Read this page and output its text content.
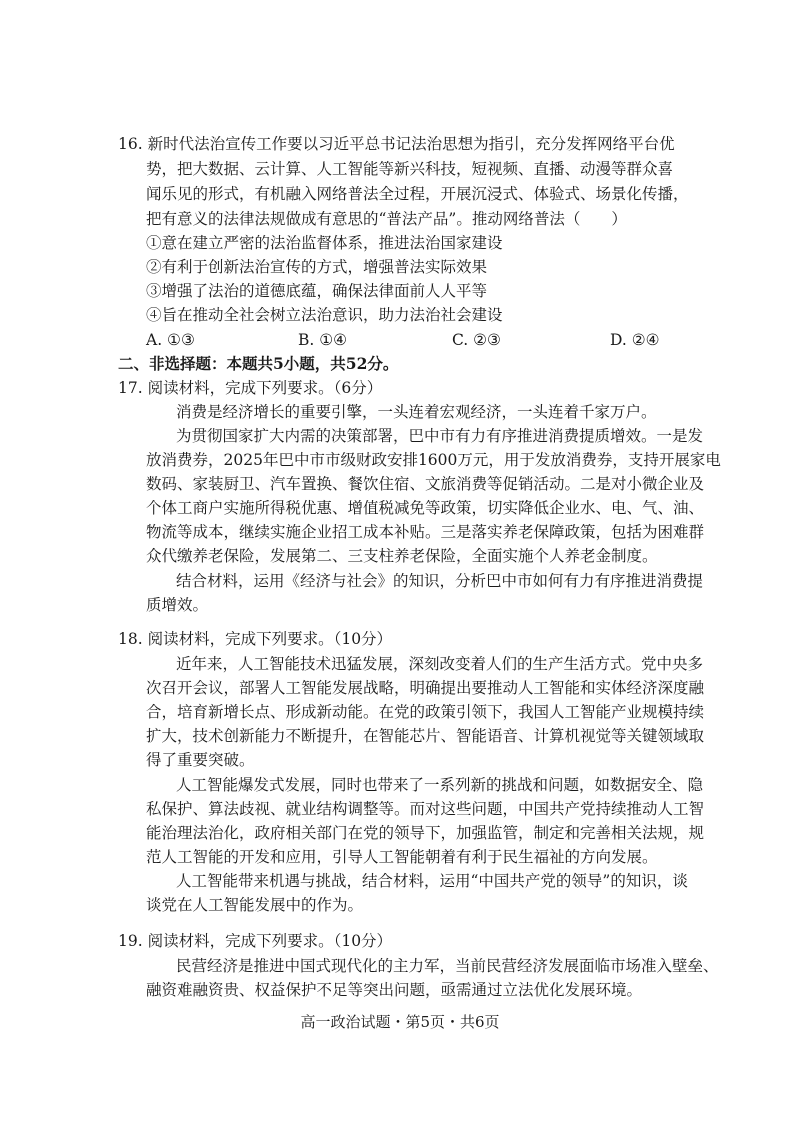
16. 新时代法治宣传工作要以习近平总书记法治思想为指引，充分发挥网络平台优
势，把大数据、云计算、人工智能等新兴科技，短视频、直播、动漫等群众喜
闻乐见的形式，有机融入网络普法全过程，开展沉浸式、体验式、场景化传播，
把有意义的法律法规做成有意思的“普法产品”。推动网络普法（　　）
①意在建立严密的法治监督体系，推进法治国家建设
②有利于创新法治宣传的方式，增强普法实际效果
③增强了法治的道德底蕴，确保法律面前人人平等
④旨在推动全社会树立法治意识，助力法治社会建设
A. ①③	B. ①④	C. ②③	D. ②④
二、非选择题：本题共5小题，共52分。
17. 阅读材料，完成下列要求。（6分）
消费是经济增长的重要引擎，一头连着宏观经济，一头连着千家万户。
为贯彻国家扩大内需的决策部署，巴中市有力有序推进消费提质增效。一是发
放消费券，2025年巴中市市级财政安排1600万元，用于发放消费券，支持开展家电
数码、家装厨卫、汽车置换、餐饮住宿、文旅消费等促销活动。二是对小微企业及
个体工商户实施所得税优惠、增值税减免等政策，切实降低企业水、电、气、油、
物流等成本，继续实施企业招工成本补贴。三是落实养老保障政策，包括为困难群
众代缴养老保险，发展第二、三支柱养老保险，全面实施个人养老金制度。
结合材料，运用《经济与社会》的知识，分析巴中市如何有力有序推进消费提
质增效。
18. 阅读材料，完成下列要求。（10分）
近年来，人工智能技术迅猛发展，深刻改变着人们的生产生活方式。党中央多
次召开会议，部署人工智能发展战略，明确提出要推动人工智能和实体经济深度融
合，培育新增长点、形成新动能。在党的政策引领下，我国人工智能产业规模持续
扩大，技术创新能力不断提升，在智能芯片、智能语音、计算机视觉等关键领域取
得了重要突破。
人工智能爆发式发展，同时也带来了一系列新的挑战和问题，如数据安全、隐
私保护、算法歧视、就业结构调整等。而对这些问题，中国共产党持续推动人工智
能治理法治化，政府相关部门在党的领导下，加强监管，制定和完善相关法规，规
范人工智能的开发和应用，引导人工智能朝着有利于民生福祉的方向发展。
人工智能带来机遇与挑战，结合材料，运用“中国共产党的领导”的知识，谈
谈党在人工智能发展中的作为。
19. 阅读材料，完成下列要求。（10分）
民营经济是推进中国式现代化的主力军，当前民营经济发展面临市场准入壁垒、
融资难融资贵、权益保护不足等突出问题，亟需通过立法优化发展环境。
高一政治试题・第5页・共6页
